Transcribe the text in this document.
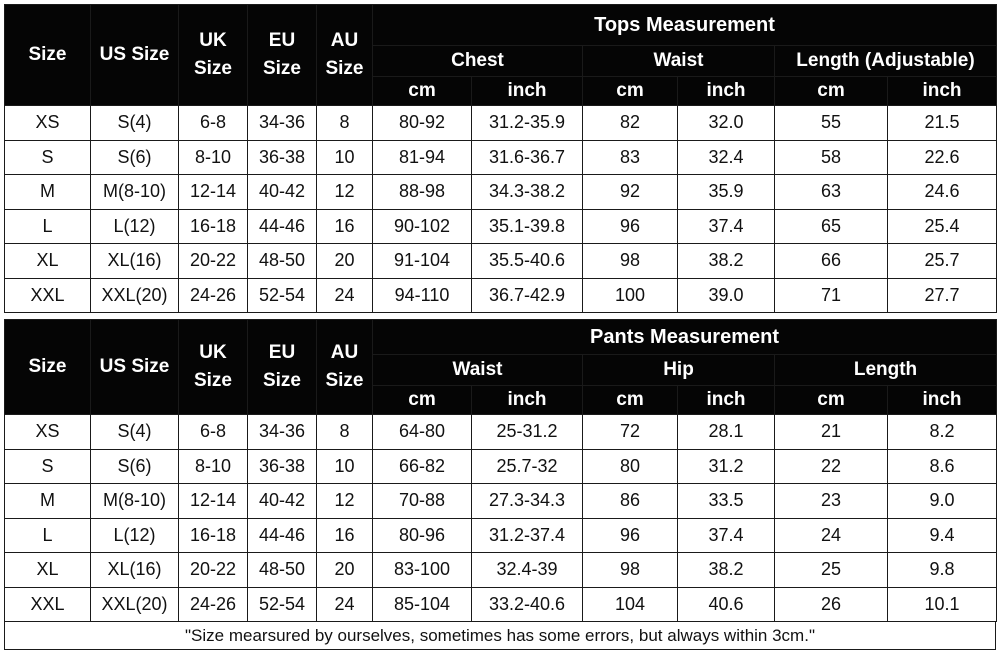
Size	US Size	UK Size	EU Size	AU Size	Tops Measurement					
					Chest		Waist		Length (Adjustable)	
					cm	inch	cm	inch	cm	inch
XS	S(4)	6-8	34-36	8	80-92	31.2-35.9	82	32.0	55	21.5
S	S(6)	8-10	36-38	10	81-94	31.6-36.7	83	32.4	58	22.6
M	M(8-10)	12-14	40-42	12	88-98	34.3-38.2	92	35.9	63	24.6
L	L(12)	16-18	44-46	16	90-102	35.1-39.8	96	37.4	65	25.4
XL	XL(16)	20-22	48-50	20	91-104	35.5-40.6	98	38.2	66	25.7
XXL	XXL(20)	24-26	52-54	24	94-110	36.7-42.9	100	39.0	71	27.7
Size	US Size	UK Size	EU Size	AU Size	Pants Measurement					
					Waist		Hip		Length	
					cm	inch	cm	inch	cm	inch
XS	S(4)	6-8	34-36	8	64-80	25-31.2	72	28.1	21	8.2
S	S(6)	8-10	36-38	10	66-82	25.7-32	80	31.2	22	8.6
M	M(8-10)	12-14	40-42	12	70-88	27.3-34.3	86	33.5	23	9.0
L	L(12)	16-18	44-46	16	80-96	31.2-37.4	96	37.4	24	9.4
XL	XL(16)	20-22	48-50	20	83-100	32.4-39	98	38.2	25	9.8
XXL	XXL(20)	24-26	52-54	24	85-104	33.2-40.6	104	40.6	26	10.1
"Size mearsured by ourselves, sometimes has some errors, but always within 3cm."
